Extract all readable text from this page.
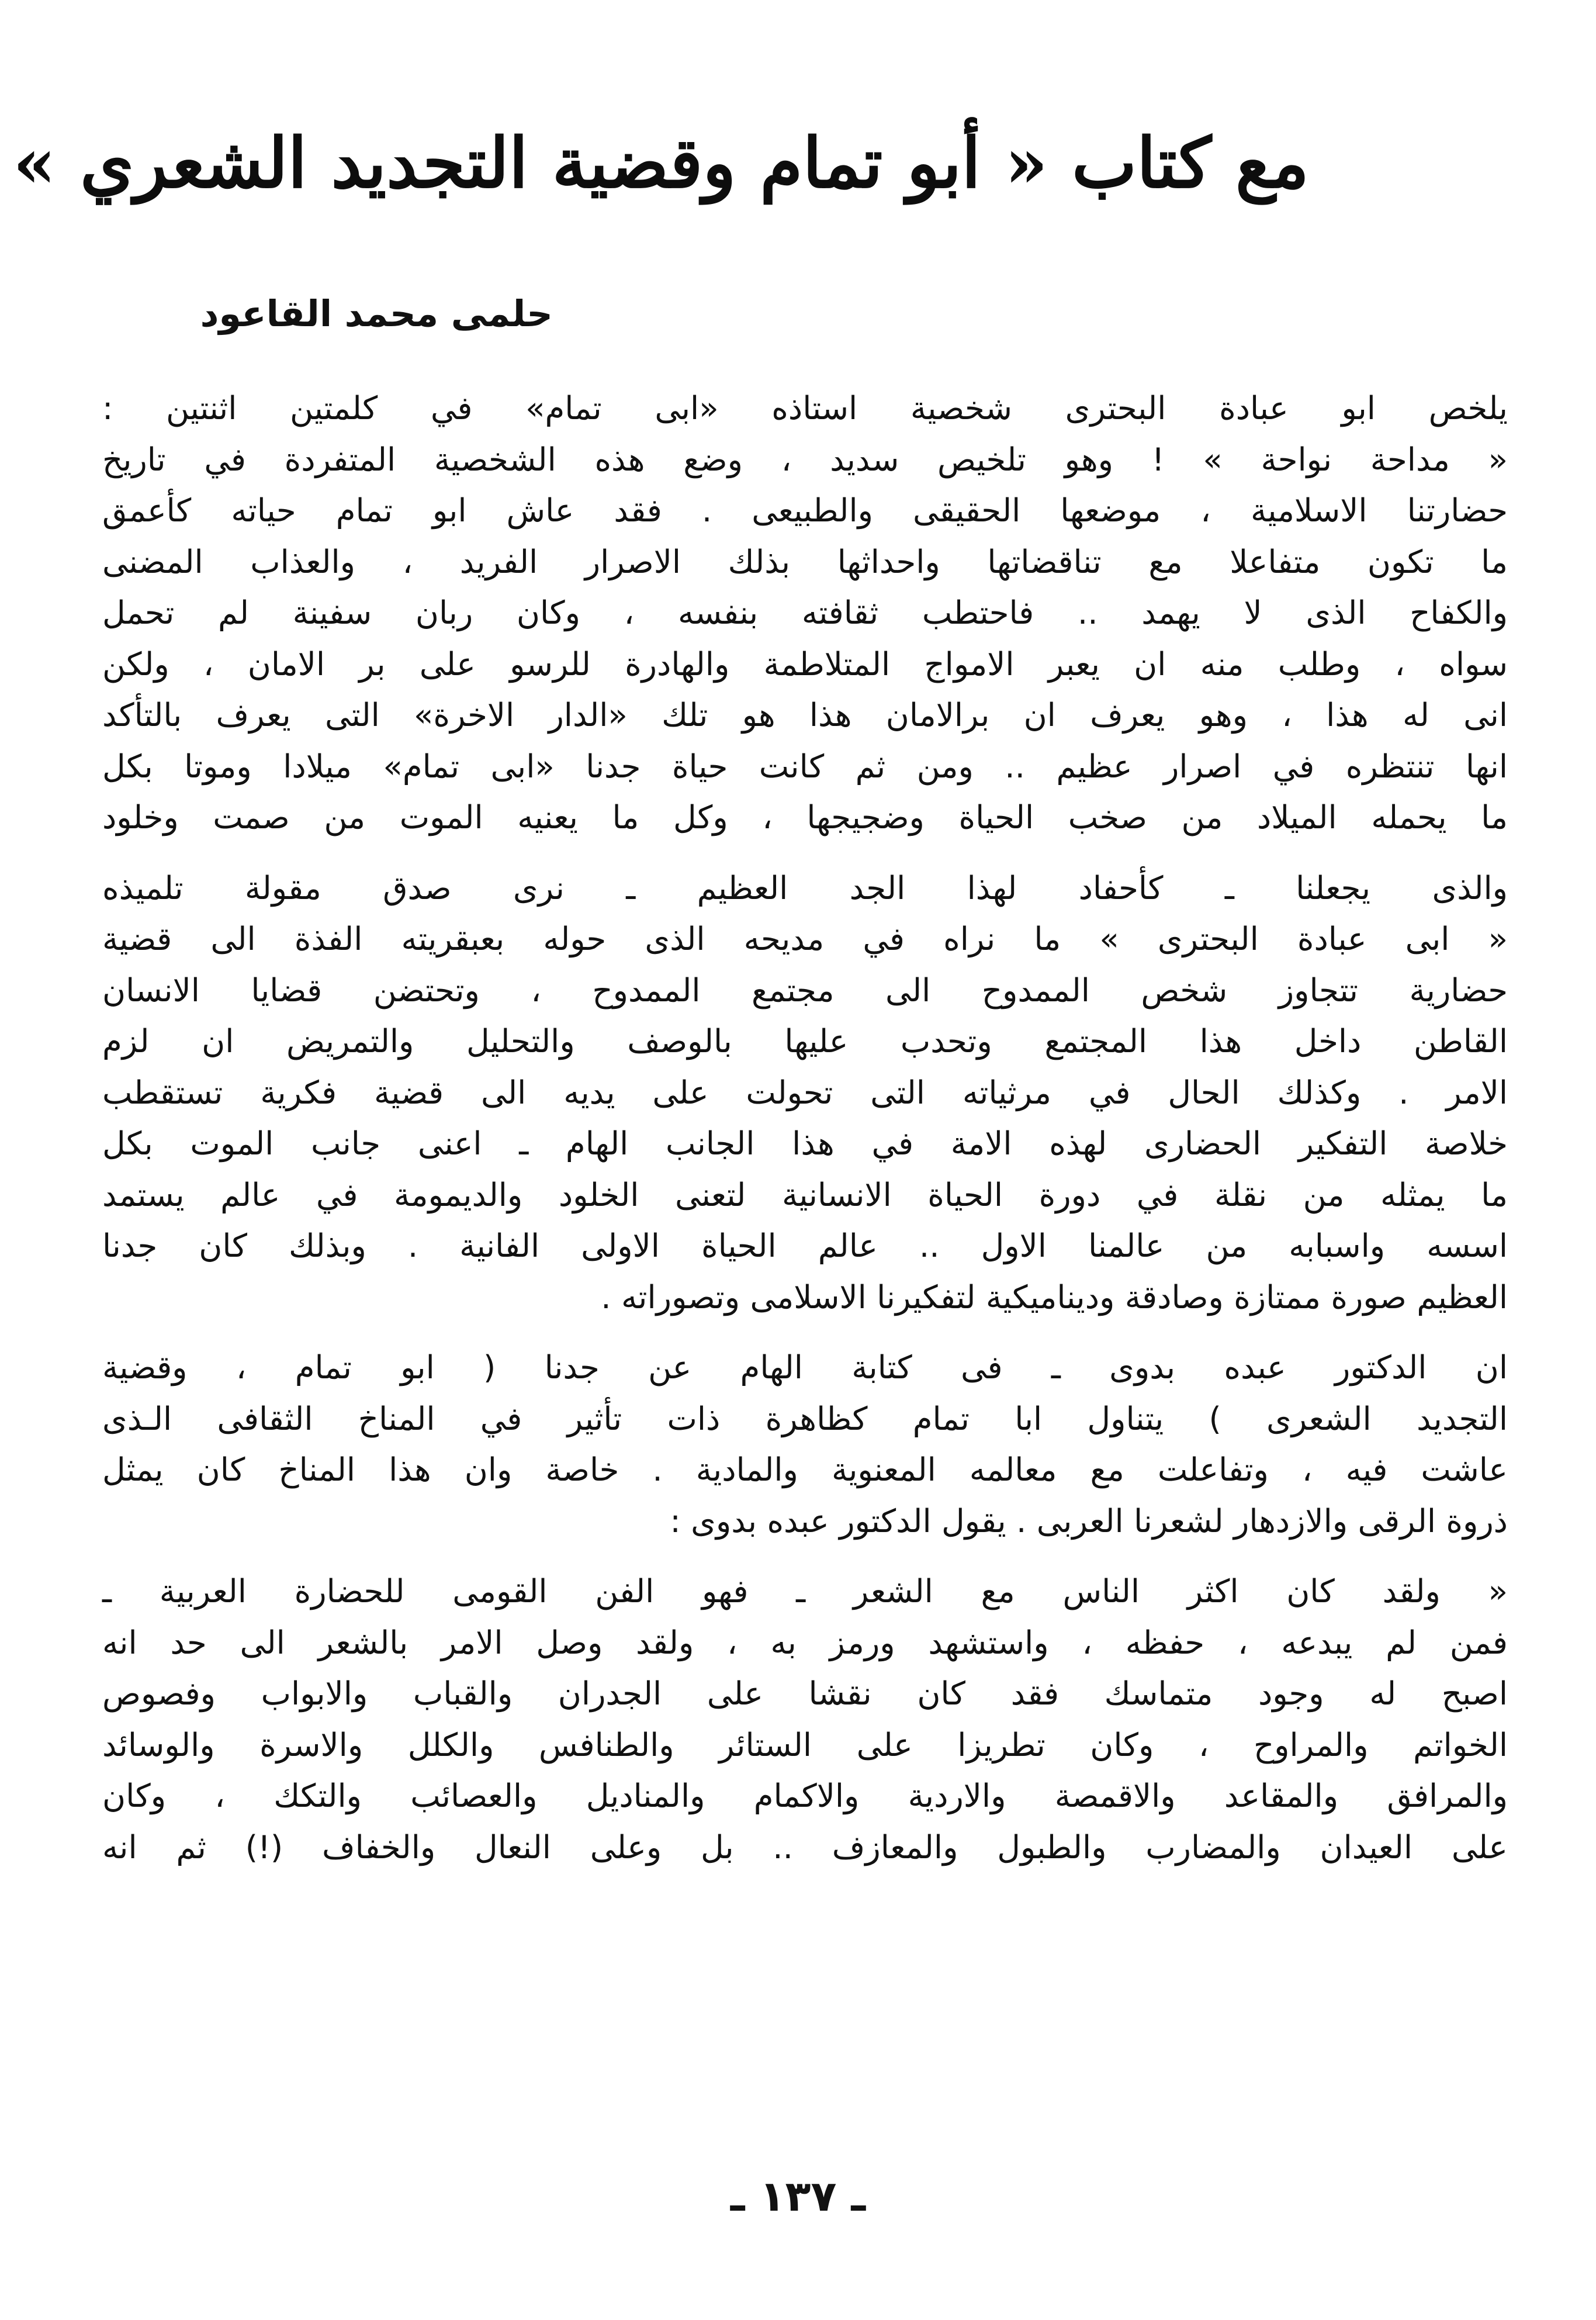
مع كتاب « أبو تمام وقضية التجديد الشعري »
حلمى محمد القاعود
يلخص ابو عبادة البحترى شخصية استاذه «ابى تمام» في كلمتين اثنتين :
« مداحة نواحة » ! وهو تلخيص سديد ، وضع هذه الشخصية المتفردة في تاريخ
حضارتنا الاسلامية ، موضعها الحقيقى والطبيعى . فقد عاش ابو تمام حياته كأعمق
ما تكون متفاعلا مع تناقضاتها واحداثها بذلك الاصرار الفريد ، والعذاب المضنى
والكفاح الذى لا يهمد .. فاحتطب ثقافته بنفسه ، وكان ربان سفينة لم تحمل
سواه ، وطلب منه ان يعبر الامواج المتلاطمة والهادرة للرسو على بر الامان ، ولكن
انى له هذا ، وهو يعرف ان برالامان هذا هو تلك «الدار الاخرة» التى يعرف بالتأكد
انها تنتظره في اصرار عظيم .. ومن ثم كانت حياة جدنا «ابى تمام» ميلادا وموتا بكل
ما يحمله الميلاد من صخب الحياة وضجيجها ، وكل ما يعنيه الموت من صمت وخلود
والذى يجعلنا ـ كأحفاد لهذا الجد العظيم ـ نرى صدق مقولة تلميذه
« ابى عبادة البحترى » ما نراه في مديحه الذى حوله بعبقريته الفذة الى قضية
حضارية تتجاوز شخص الممدوح الى مجتمع الممدوح ، وتحتضن قضايا الانسان
القاطن داخل هذا المجتمع وتحدب عليها بالوصف والتحليل والتمريض ان لزم
الامر . وكذلك الحال في مرثياته التى تحولت على يديه الى قضية فكرية تستقطب
خلاصة التفكير الحضارى لهذه الامة في هذا الجانب الهام ـ اعنى جانب الموت بكل
ما يمثله من نقلة في دورة الحياة الانسانية لتعنى الخلود والديمومة في عالم يستمد
اسسه واسبابه من عالمنا الاول .. عالم الحياة الاولى الفانية . وبذلك كان جدنا
العظيم صورة ممتازة وصادقة وديناميكية لتفكيرنا الاسلامى وتصوراته .
ان الدكتور عبده بدوى ـ فى كتابة الهام عن جدنا ( ابو تمام ، وقضية
التجديد الشعرى ) يتناول ابا تمام كظاهرة ذات تأثير في المناخ الثقافى الـذى
عاشت فيه ، وتفاعلت مع معالمه المعنوية والمادية . خاصة وان هذا المناخ كان يمثل
ذروة الرقى والازدهار لشعرنا العربى . يقول الدكتور عبده بدوى :
« ولقد كان اكثر الناس مع الشعر ـ فهو الفن القومى للحضارة العربية ـ
فمن لم يبدعه ، حفظه ، واستشهد ورمز به ، ولقد وصل الامر بالشعر الى حد انه
اصبح له وجود متماسك فقد كان نقشا على الجدران والقباب والابواب وفصوص
الخواتم والمراوح ، وكان تطريزا على الستائر والطنافس والكلل والاسرة والوسائد
والمرافق والمقاعد والاقمصة والاردية والاكمام والمناديل والعصائب والتكك ، وكان
على العيدان والمضارب والطبول والمعازف .. بل وعلى النعال والخفاف (!) ثم انه
ـ ١٣٧ ـ
